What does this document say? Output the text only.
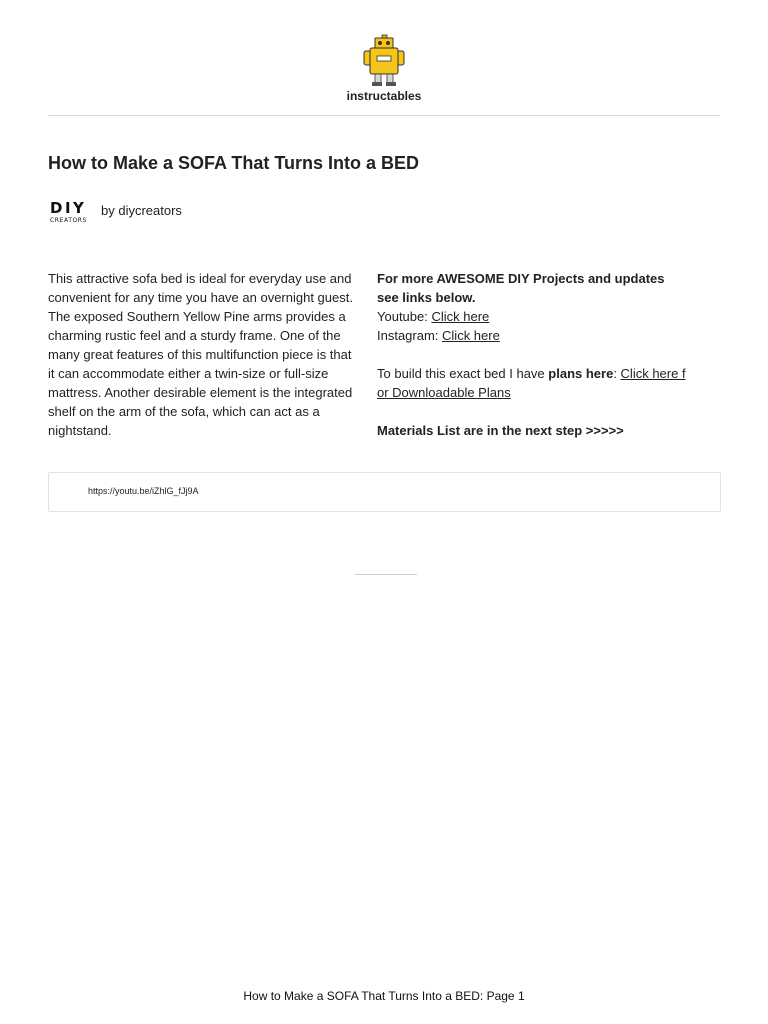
instructables
How to Make a SOFA That Turns Into a BED
DIY
CREATORS
by diycreators
This attractive sofa bed is ideal for everyday use and
convenient for any time you have an overnight guest.
The exposed Southern Yellow Pine arms provides a
charming rustic feel and a sturdy frame. One of the
many great features of this multifunction piece is that
it can accommodate either a twin-size or full-size
mattress. Another desirable element is the integrated
shelf on the arm of the sofa, which can act as a
nightstand.
For more AWESOME DIY Projects and updates
see links below.
Youtube: Click here
Instagram: Click here
To build this exact bed I have plans here: Click here f
or Downloadable Plans
Materials List are in the next step >>>>>
https://youtu.be/iZhlG_fJj9A
How to Make a SOFA That Turns Into a BED: Page 1
